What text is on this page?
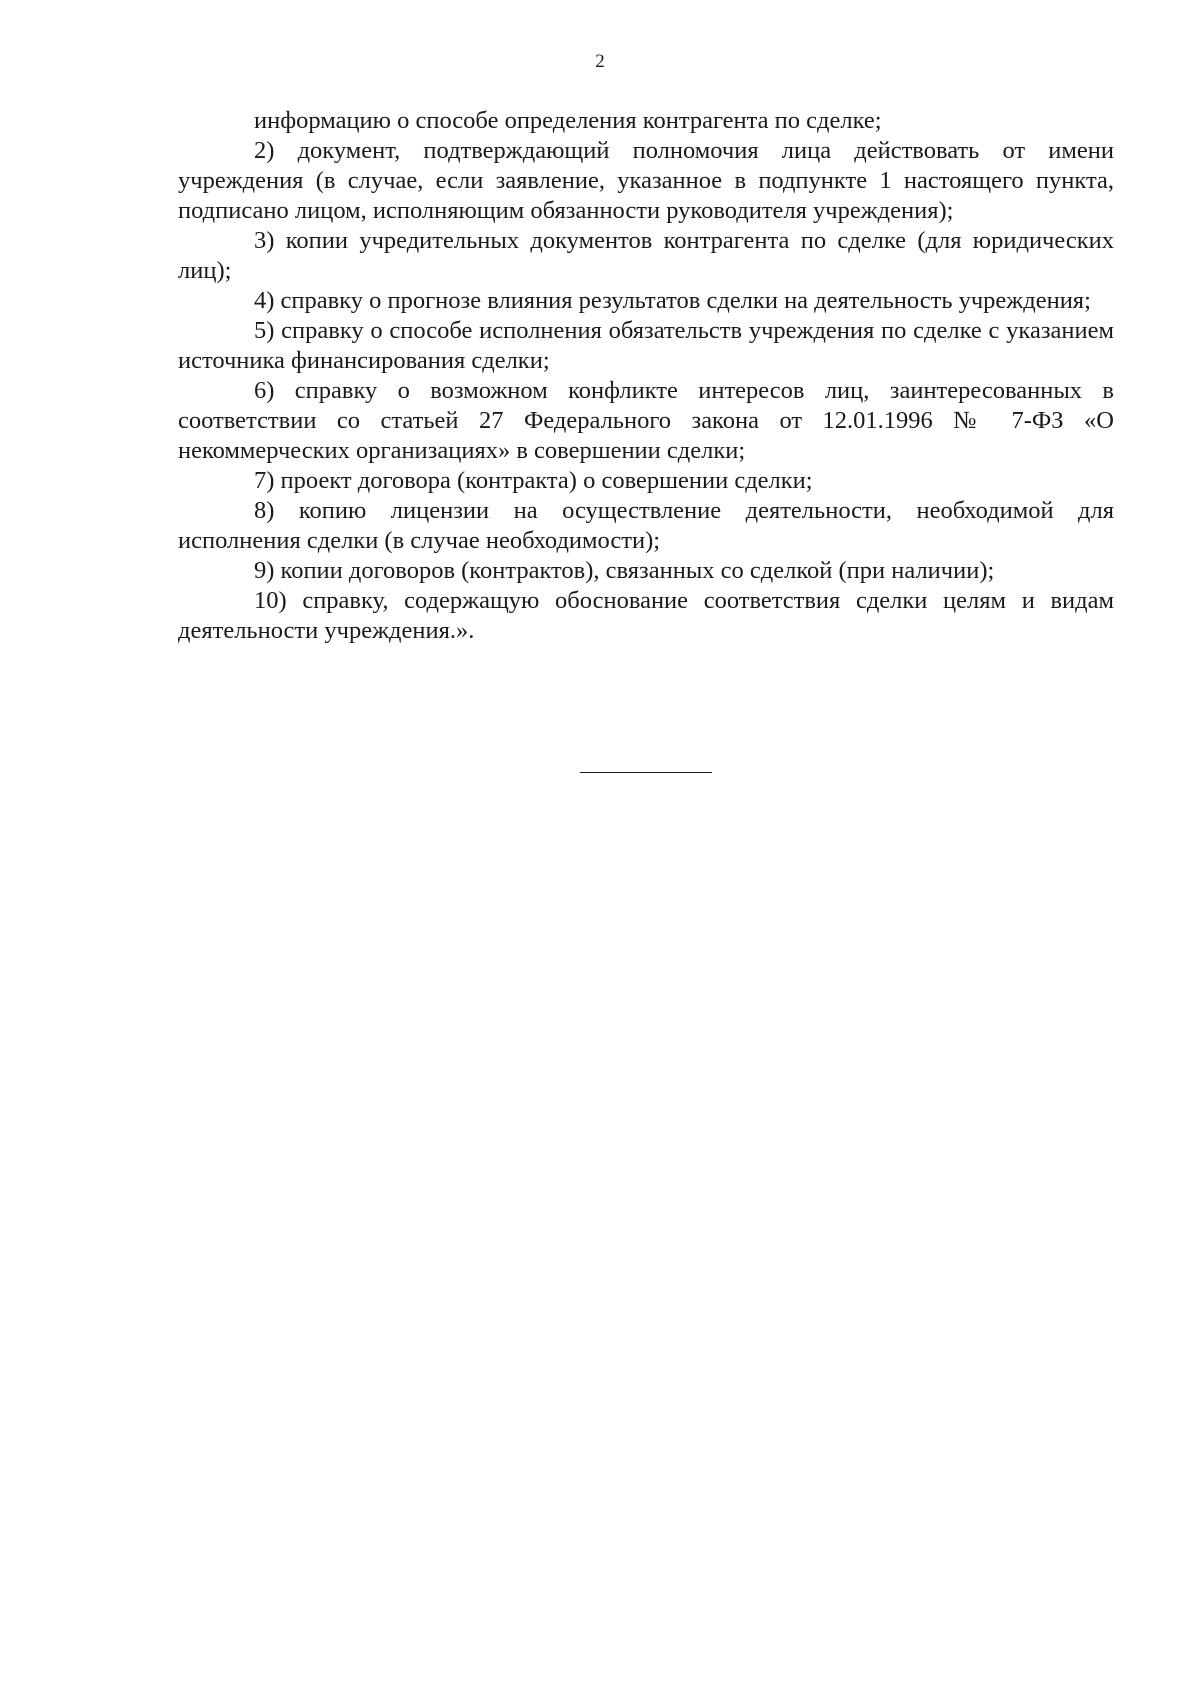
2

информацию о способе определения контрагента по сделке;

2) документ, подтверждающий полномочия лица действовать от имени учреждения (в случае, если заявление, указанное в подпункте 1 настоящего пункта, подписано лицом, исполняющим обязанности руководителя учреждения);

3) копии учредительных документов контрагента по сделке (для юридических лиц);

4) справку о прогнозе влияния результатов сделки на деятельность учреждения;

5) справку о способе исполнения обязательств учреждения по сделке с указанием источника финансирования сделки;

6) справку о возможном конфликте интересов лиц, заинтересованных в соответствии со статьей 27 Федерального закона от 12.01.1996 № 7-ФЗ «О некоммерческих организациях» в совершении сделки;

7) проект договора (контракта) о совершении сделки;

8) копию лицензии на осуществление деятельности, необходимой для исполнения сделки (в случае необходимости);

9) копии договоров (контрактов), связанных со сделкой (при наличии);

10) справку, содержащую обоснование соответствия сделки целям и видам деятельности учреждения.».
